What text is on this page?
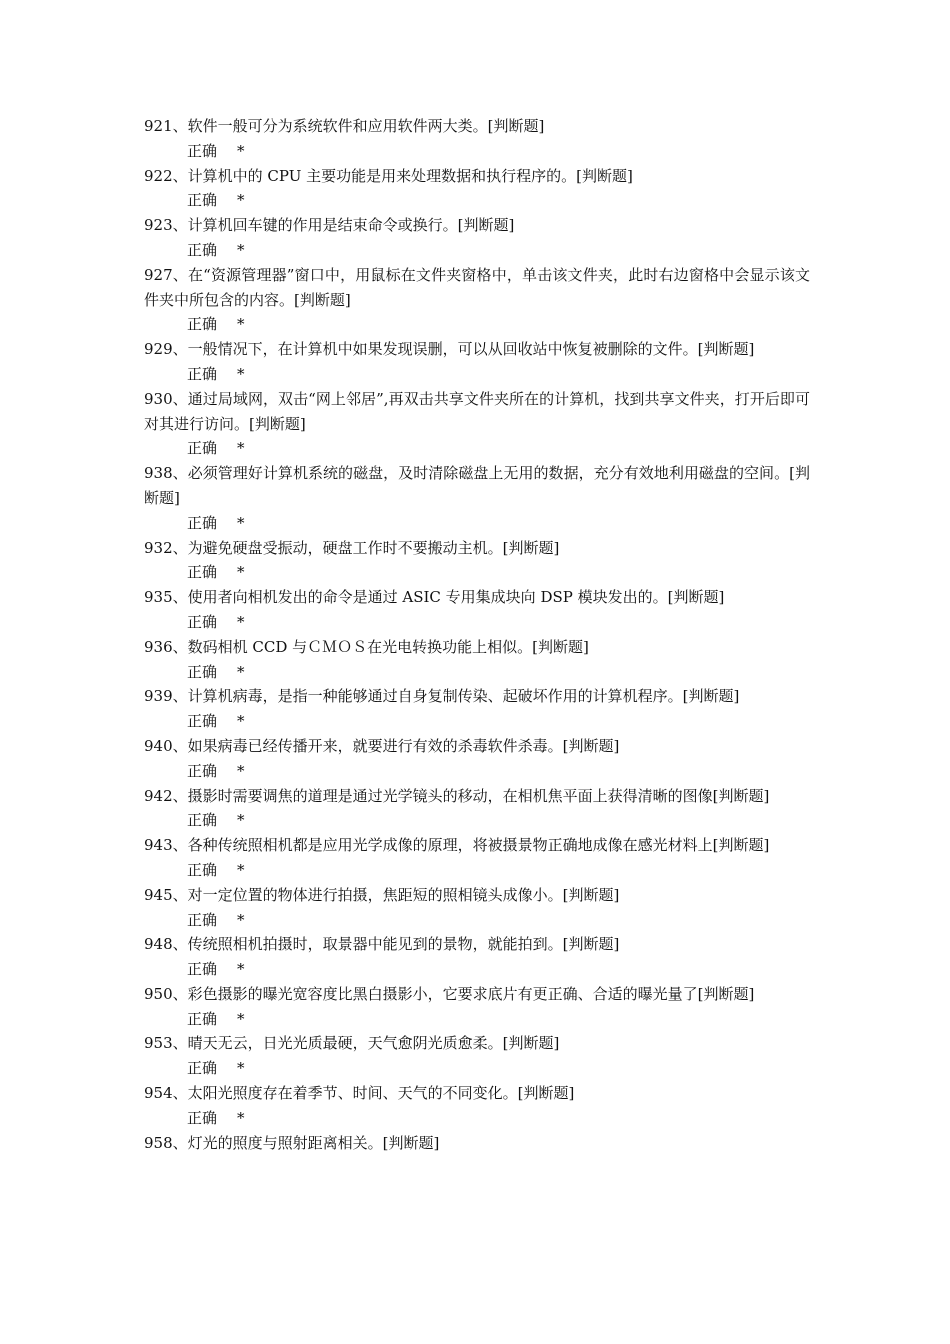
921、软件一般可分为系统软件和应用软件两大类。[判断题]

正确 *

922、计算机中的 CPU 主要功能是用来处理数据和执行程序的。[判断题]

正确 *

923、计算机回车键的作用是结束命令或换行。[判断题]

正确 *

927、在“资源管理器”窗口中，用鼠标在文件夹窗格中，单击该文件夹，此时右边窗格中会显示该文件夹中所包含的内容。[判断题]

正确 *

929、一般情况下，在计算机中如果发现误删，可以从回收站中恢复被删除的文件。[判断题]

正确 *

930、通过局域网，双击“网上邻居”,再双击共享文件夹所在的计算机，找到共享文件夹，打开后即可对其进行访问。[判断题]

正确 *

938、必须管理好计算机系统的磁盘，及时清除磁盘上无用的数据，充分有效地利用磁盘的空间。[判断题]

正确 *

932、为避免硬盘受振动，硬盘工作时不要搬动主机。[判断题]

正确 *

935、使用者向相机发出的命令是通过 ASIC 专用集成块向 DSP 模块发出的。[判断题]

正确 *

936、数码相机 CCD 与ＣＭＯＳ在光电转换功能上相似。[判断题]

正确 *

939、计算机病毒，是指一种能够通过自身复制传染、起破坏作用的计算机程序。[判断题]

正确 *

940、如果病毒已经传播开来，就要进行有效的杀毒软件杀毒。[判断题]

正确 *

942、摄影时需要调焦的道理是通过光学镜头的移动，在相机焦平面上获得清晰的图像[判断题]

正确 *

943、各种传统照相机都是应用光学成像的原理，将被摄景物正确地成像在感光材料上[判断题]

正确 *

945、对一定位置的物体进行拍摄，焦距短的照相镜头成像小。[判断题]

正确 *

948、传统照相机拍摄时，取景器中能见到的景物，就能拍到。[判断题]

正确 *

950、彩色摄影的曝光宽容度比黑白摄影小，它要求底片有更正确、合适的曝光量了[判断题]

正确 *

953、晴天无云，日光光质最硬，天气愈阴光质愈柔。[判断题]

正确 *

954、太阳光照度存在着季节、时间、天气的不同变化。[判断题]

正确 *

958、灯光的照度与照射距离相关。[判断题]
